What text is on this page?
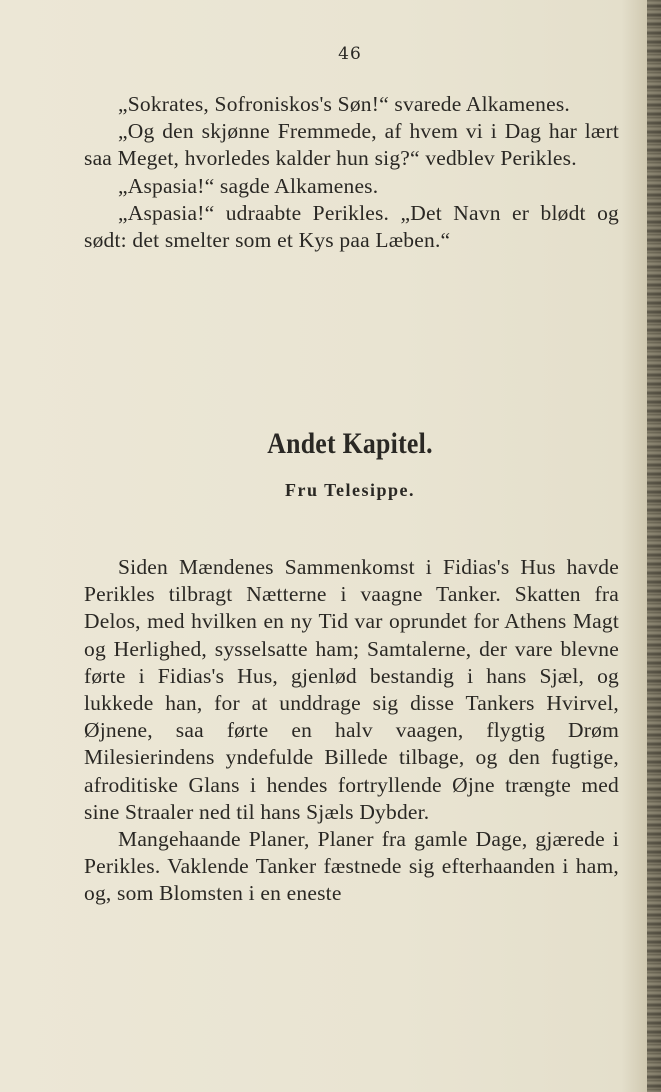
46

„Sokrates, Sofroniskos's Søn!“ svarede Alkamenes.

„Og den skjønne Fremmede, af hvem vi i Dag har lært saa Meget, hvorledes kalder hun sig?“ vedblev Perikles.

„Aspasia!“ sagde Alkamenes.

„Aspasia!“ udraabte Perikles. „Det Navn er blødt og sødt: det smelter som et Kys paa Læben.“

Andet Kapitel.
Fru Telesippe.

Siden Mændenes Sammenkomst i Fidias's Hus havde Perikles tilbragt Nætterne i vaagne Tanker. Skatten fra Delos, med hvilken en ny Tid var oprundet for Athens Magt og Herlighed, sysselsatte ham; Samtalerne, der vare blevne førte i Fidias's Hus, gjenlød bestandig i hans Sjæl, og lukkede han, for at unddrage sig disse Tankers Hvirvel, Øjnene, saa førte en halv vaagen, flygtig Drøm Milesierindens yndefulde Billede tilbage, og den fugtige, afroditiske Glans i hendes fortryllende Øjne trængte med sine Straaler ned til hans Sjæls Dybder.

Mangehaande Planer, Planer fra gamle Dage, gjærede i Perikles. Vaklende Tanker fæstnede sig efterhaanden i ham, og, som Blomsten i en eneste
